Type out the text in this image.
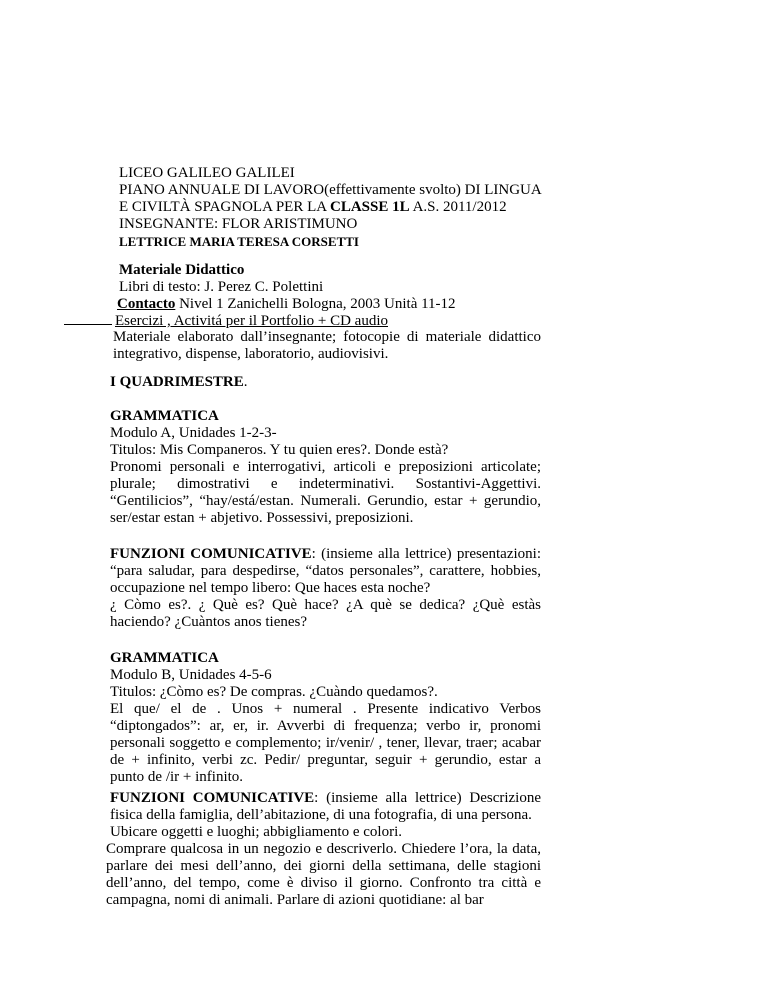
LICEO GALILEO GALILEI

PIANO ANNUALE DI LAVORO(effettivamente svolto) DI LINGUA

E CIVILTÀ SPAGNOLA PER LA CLASSE 1L A.S. 2011/2012

INSEGNANTE: FLOR ARISTIMUNO

LETTRICE MARIA TERESA CORSETTI

Materiale Didattico

Libri di testo: J. Perez C. Polettini

Contacto Nivel 1 Zanichelli Bologna, 2003 Unità 11-12

Esercizi , Activitá per il Portfolio + CD audio

Materiale elaborato dall’insegnante; fotocopie di materiale didattico integrativo, dispense, laboratorio, audiovisivi.

I QUADRIMESTRE.

GRAMMATICA

Modulo A, Unidades 1-2-3-

Titulos: Mis Companeros. Y tu quien eres?. Donde està?

Pronomi personali e interrogativi, articoli e preposizioni articolate; plurale; dimostrativi e indeterminativi. Sostantivi-Aggettivi. “Gentilicios”, “hay/está/estan. Numerali. Gerundio, estar + gerundio, ser/estar estan + abjetivo. Possessivi, preposizioni.

FUNZIONI COMUNICATIVE: (insieme alla lettrice) presentazioni: “para saludar, para despedirse, “datos personales”, carattere, hobbies, occupazione nel tempo libero: Que haces esta noche?

¿ Còmo es?. ¿ Què es? Què hace? ¿A què se dedica? ¿Què estàs haciendo? ¿Cuàntos anos tienes?

GRAMMATICA

Modulo B, Unidades 4-5-6

Titulos: ¿Còmo es? De compras. ¿Cuàndo quedamos?.

El que/ el de . Unos + numeral . Presente indicativo Verbos “diptongados”: ar, er, ir. Avverbi di frequenza; verbo ir, pronomi personali soggetto e complemento; ir/venir/ , tener, llevar, traer; acabar de + infinito, verbi zc. Pedir/ preguntar, seguir + gerundio, estar a punto de /ir + infinito.

FUNZIONI COMUNICATIVE: (insieme alla lettrice) Descrizione fisica della famiglia, dell’abitazione, di una fotografia, di una persona.

Ubicare oggetti e luoghi; abbigliamento e colori.

Comprare qualcosa in un negozio e descriverlo. Chiedere l’ora, la data, parlare dei mesi dell’anno, dei giorni della settimana, delle stagioni dell’anno, del tempo, come è diviso il giorno. Confronto tra città e campagna, nomi di animali. Parlare di azioni quotidiane: al bar
